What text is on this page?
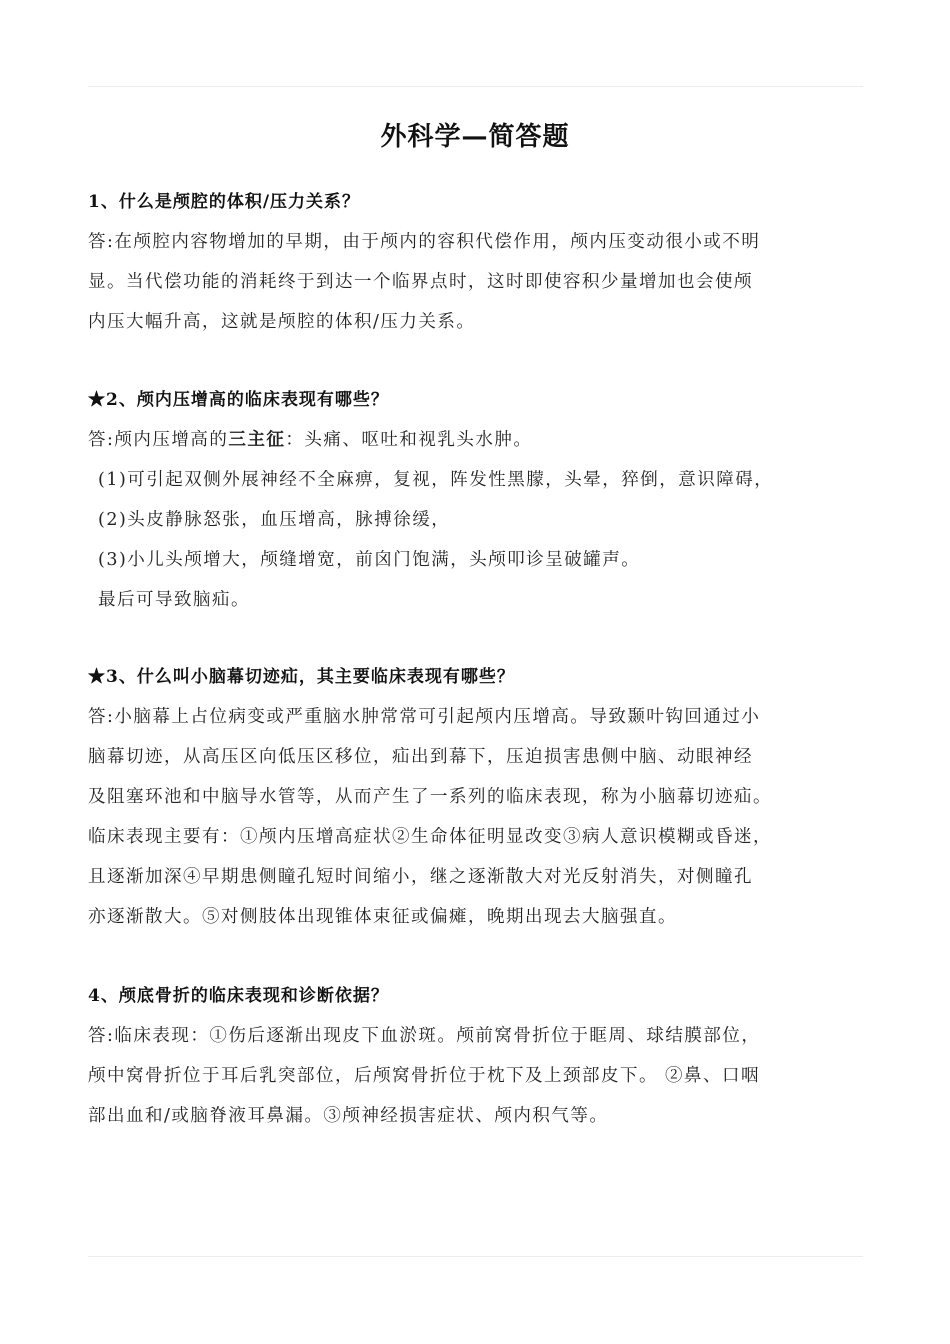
外科学—简答题
1、什么是颅腔的体积/压力关系？
答:在颅腔内容物增加的早期，由于颅内的容积代偿作用，颅内压变动很小或不明
显。当代偿功能的消耗终于到达一个临界点时，这时即使容积少量增加也会使颅
内压大幅升高，这就是颅腔的体积/压力关系。
★2、颅内压增高的临床表现有哪些？
答:颅内压增高的三主征：头痛、呕吐和视乳头水肿。
(1)可引起双侧外展神经不全麻痹，复视，阵发性黑朦，头晕，猝倒，意识障碍，
(2)头皮静脉怒张，血压增高，脉搏徐缓，
(3)小儿头颅增大，颅缝增宽，前囟门饱满，头颅叩诊呈破罐声。
最后可导致脑疝。
★3、什么叫小脑幕切迹疝，其主要临床表现有哪些？
答:小脑幕上占位病变或严重脑水肿常常可引起颅内压增高。导致颞叶钩回通过小
脑幕切迹，从高压区向低压区移位，疝出到幕下，压迫损害患侧中脑、动眼神经
及阻塞环池和中脑导水管等，从而产生了一系列的临床表现，称为小脑幕切迹疝。
临床表现主要有：①颅内压增高症状②生命体征明显改变③病人意识模糊或昏迷，
且逐渐加深④早期患侧瞳孔短时间缩小，继之逐渐散大对光反射消失，对侧瞳孔
亦逐渐散大。⑤对侧肢体出现锥体束征或偏瘫，晚期出现去大脑强直。
4、颅底骨折的临床表现和诊断依据？
答:临床表现：①伤后逐渐出现皮下血淤斑。颅前窝骨折位于眶周、球结膜部位，
颅中窝骨折位于耳后乳突部位，后颅窝骨折位于枕下及上颈部皮下。 ②鼻、口咽
部出血和/或脑脊液耳鼻漏。③颅神经损害症状、颅内积气等。
